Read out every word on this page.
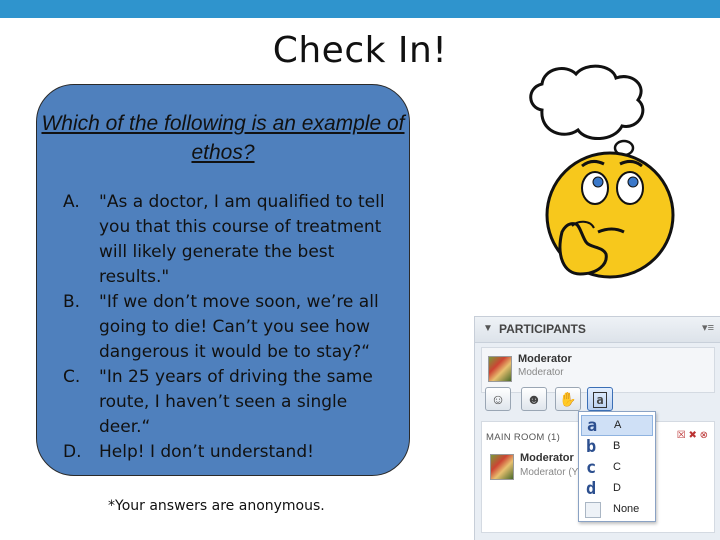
Check In!
Which of the following is an example of ethos?
A. "As a doctor, I am qualified to tell
you that this course of treatment
will likely generate the best
results."
B. "If we don’t move soon, we’re all
going to die! Can’t you see how
dangerous it would be to stay?“
C. "In 25 years of driving the same
route, I haven’t seen a single
deer.“
D. Help! I don’t understand!
*Your answers are anonymous.
▼ PARTICIPANTS	▾≡
Moderator
Moderator
☺	☻	✋	a
MAIN ROOM (1)	☒ ✖ ⊗
Moderator
Moderator (Y
a A
b B
c C
d D
None
